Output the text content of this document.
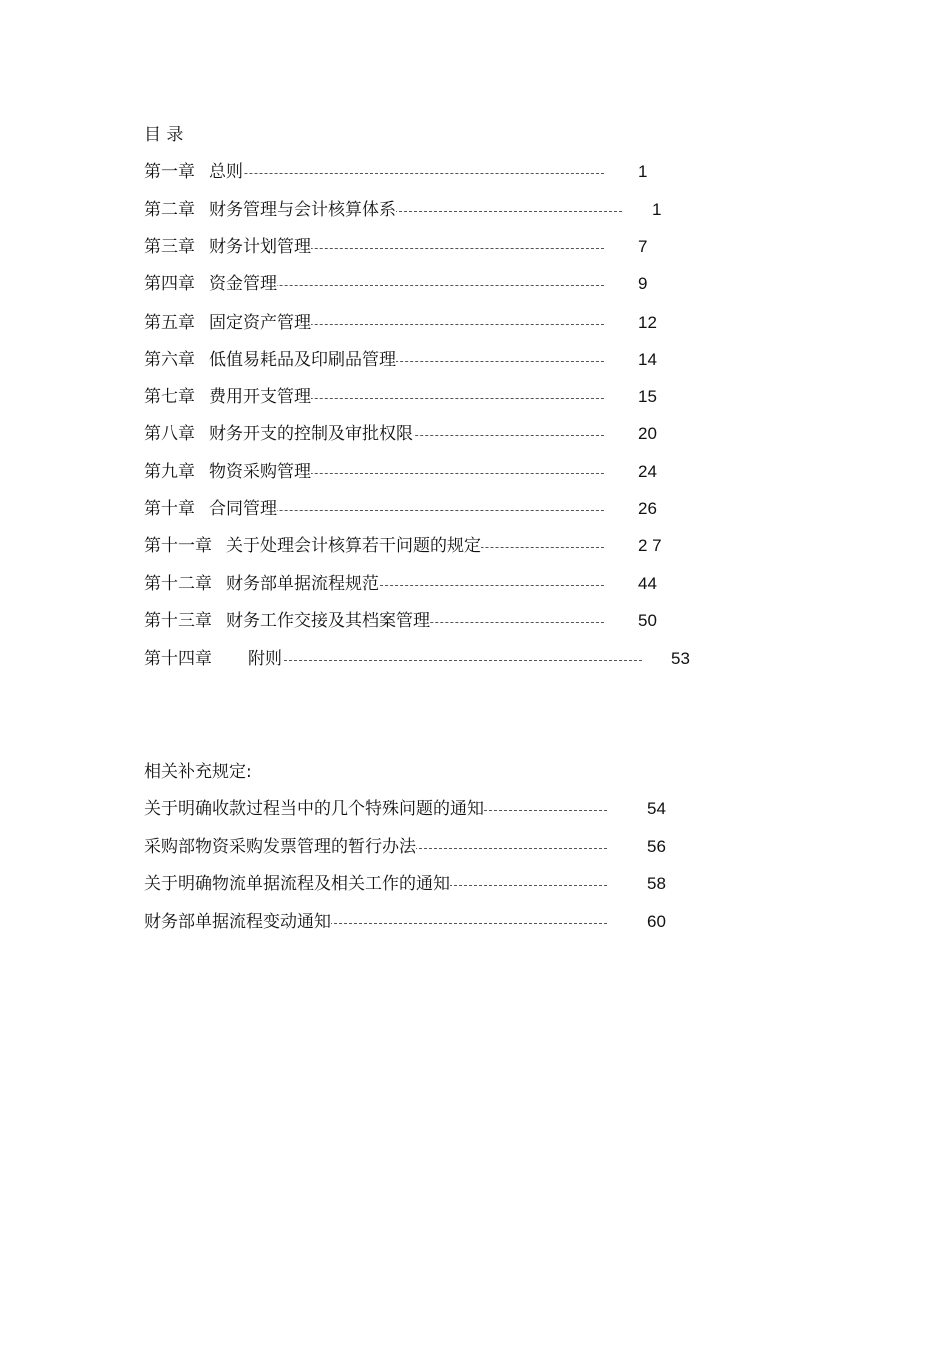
目 录
第一章 总则	1
第二章 财务管理与会计核算体系	1
第三章 财务计划管理	7
第四章 资金管理	9
第五章 固定资产管理	12
第六章 低值易耗品及印刷品管理	14
第七章 费用开支管理	15
第八章 财务开支的控制及审批权限	20
第九章 物资采购管理	24
第十章 合同管理	26
第十一章 关于处理会计核算若干问题的规定	2 7
第十二章 财务部单据流程规范	44
第十三章 财务工作交接及其档案管理	50
第十四章 附则	53
相关补充规定:
关于明确收款过程当中的几个特殊问题的通知	54
采购部物资采购发票管理的暂行办法	56
关于明确物流单据流程及相关工作的通知	58
财务部单据流程变动通知	60
